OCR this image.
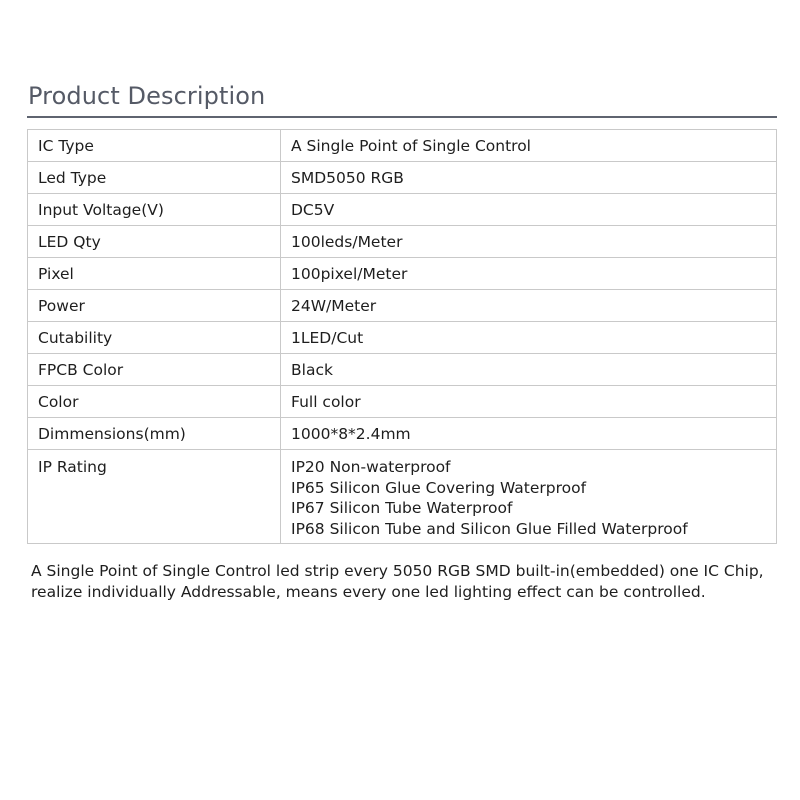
Product Description
IC Type	A Single Point of Single Control
Led Type	SMD5050 RGB
Input Voltage(V)	DC5V
LED Qty	100leds/Meter
Pixel	100pixel/Meter
Power	24W/Meter
Cutability	1LED/Cut
FPCB Color	Black
Color	Full color
Dimmensions(mm)	1000*8*2.4mm
IP Rating	IP20 Non-waterproof
IP65 Silicon Glue Covering Waterproof
IP67 Silicon Tube Waterproof
IP68 Silicon Tube and Silicon Glue Filled Waterproof
A Single Point of Single Control led strip every 5050 RGB SMD built-in(embedded) one IC Chip,
realize individually Addressable, means every one led lighting effect can be controlled.
